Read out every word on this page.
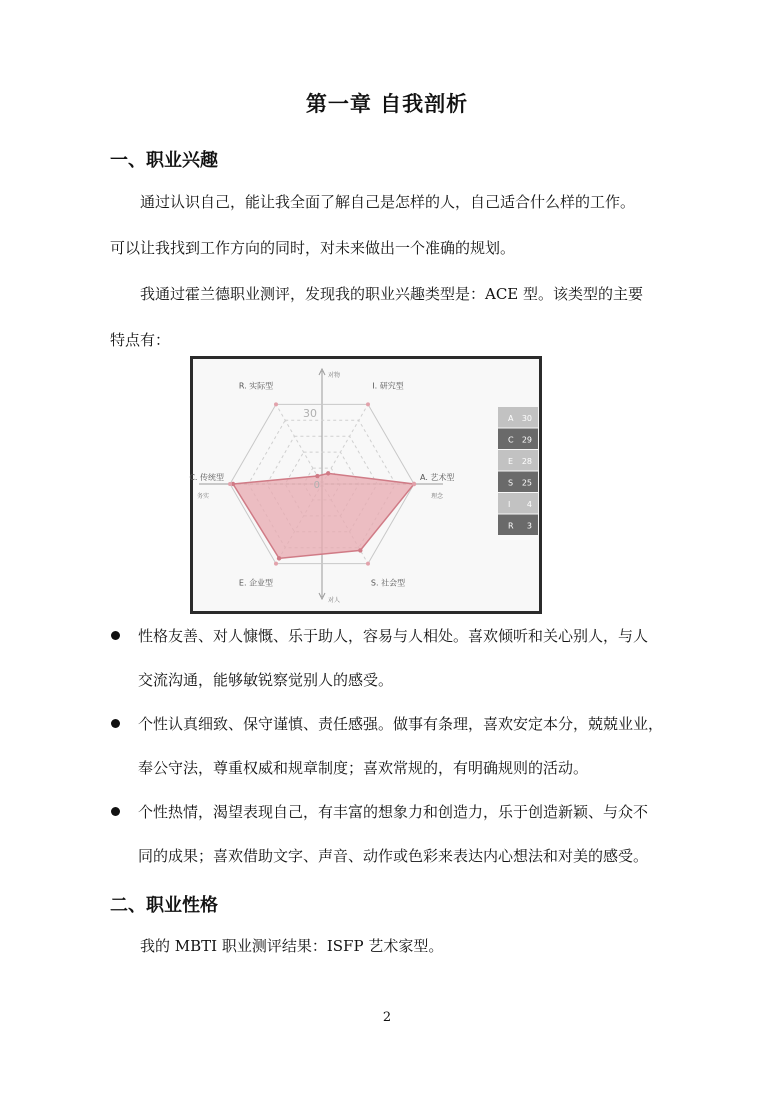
第一章 自我剖析
一、职业兴趣

通过认识自己，能让我全面了解自己是怎样的人，自己适合什么样的工作。

可以让我找到工作方向的同时，对未来做出一个准确的规划。

我通过霍兰德职业测评，发现我的职业兴趣类型是：ACE 型。该类型的主要

特点有：

R. 实际型	I. 研究型
A. 艺术型
S. 社会型
E. 企业型
C. 传统型
30
0
对物
对人
务实	理念
A 30
C 29
E 28
S 25
I 4
R 3
性格友善、对人慷慨、乐于助人，容易与人相处。喜欢倾听和关心别人，与人
交流沟通，能够敏锐察觉别人的感受。
个性认真细致、保守谨慎、责任感强。做事有条理，喜欢安定本分，兢兢业业，
奉公守法，尊重权威和规章制度；喜欢常规的，有明确规则的活动。
个性热情，渴望表现自己，有丰富的想象力和创造力，乐于创造新颖、与众不
同的成果；喜欢借助文字、声音、动作或色彩来表达内心想法和对美的感受。
二、职业性格

我的 MBTI 职业测评结果：ISFP 艺术家型。

2
